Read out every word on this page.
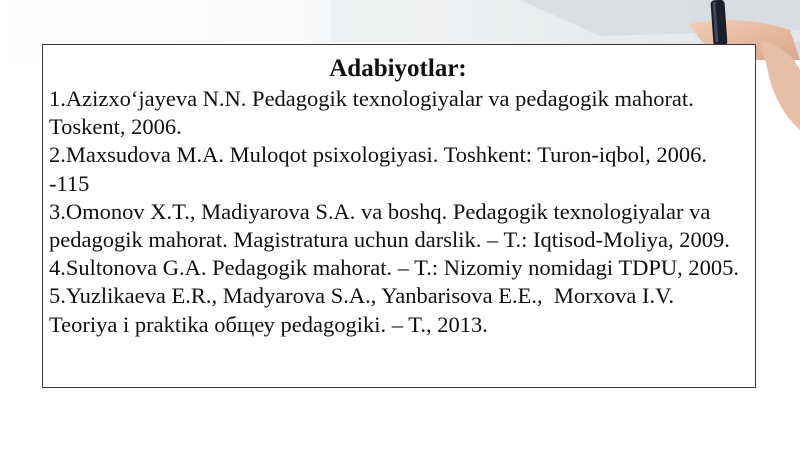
Adabiyotlar:
1.Azizxo‘jayeva N.N. Pedagogik texnologiyalar va pedagogik mahorat. Toskent, 2006.
2.Maxsudova M.A. Muloqot psixologiyasi. Toshkent: Turon-iqbol, 2006. -115
3.Omonov X.T., Madiyarova S.A. va boshq. Pedagogik texnologiyalar va pedagogik mahorat. Magistratura uchun darslik. – T.: Iqtisod-Moliya, 2009.
4.Sultonova G.A. Pedagogik mahorat. – T.: Nizomiy nomidagi TDPU, 2005.
5.Yuzlikaeva E.R., Madyarova S.A., Yanbarisova E.E.,  Morxova I.V. Teoriya i praktika общеу pedagogiki. – T., 2013.
